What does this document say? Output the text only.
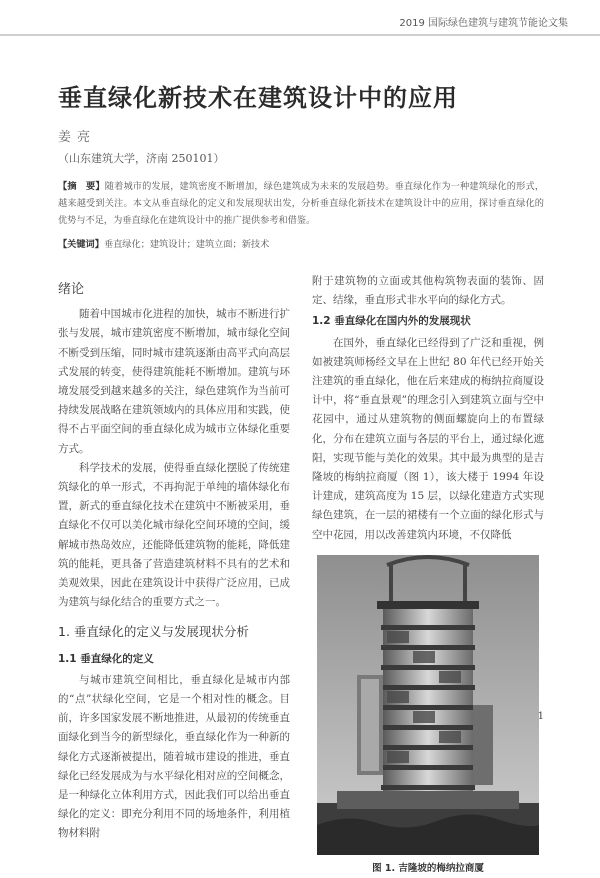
2019 国际绿色建筑与建筑节能论文集
垂直绿化新技术在建筑设计中的应用
姜亮
（山东建筑大学，济南 250101）
【摘　要】随着城市的发展，建筑密度不断增加，绿色建筑成为未来的发展趋势。垂直绿化作为一种建筑绿化的形式，越来越受到关注。本文从垂直绿化的定义和发展现状出发，分析垂直绿化新技术在建筑设计中的应用，探讨垂直绿化的优势与不足，为垂直绿化在建筑设计中的推广提供参考和借鉴。
【关键词】垂直绿化；建筑设计；建筑立面；新技术
绪论

随着中国城市化进程的加快，城市不断进行扩张与发展，城市建筑密度不断增加，城市绿化空间不断受到压缩，同时城市建筑逐渐由高平式向高层式发展的转变，使得建筑能耗不断增加。建筑与环境发展受到越来越多的关注，绿色建筑作为当前可持续发展战略在建筑领域内的具体应用和实践，使得不占平面空间的垂直绿化成为城市立体绿化重要方式。

科学技术的发展，使得垂直绿化摆脱了传统建筑绿化的单一形式，不再拘泥于单纯的墙体绿化布置，新式的垂直绿化技术在建筑中不断被采用，垂直绿化不仅可以美化城市绿化空间环境的空间，缓解城市热岛效应，还能降低建筑物的能耗，降低建筑的能耗，更具备了营造建筑材料不具有的艺术和美观效果，因此在建筑设计中获得广泛应用，已成为建筑与绿化结合的重要方式之一。

1. 垂直绿化的定义与发展现状分析
1.1 垂直绿化的定义

与城市建筑空间相比，垂直绿化是城市内部的“点”状绿化空间，它是一个相对性的概念。目前，许多国家发展不断地推进，从最初的传统垂直面绿化到当今的新型绿化，垂直绿化作为一种新的绿化方式逐渐被提出，随着城市建设的推进，垂直绿化已经发展成为与水平绿化相对应的空间概念，是一种绿化立体利用方式，因此我们可以给出垂直绿化的定义：即充分利用不同的场地条件，利用植物材料附

附于建筑物的立面或其他构筑物表面的装饰、固定、结缘，垂直形式非水平向的绿化方式。

1.2 垂直绿化在国内外的发展现状

在国外，垂直绿化已经得到了广泛和重视，例如被建筑师杨经文早在上世纪 80 年代已经开始关注建筑的垂直绿化，他在后来建成的梅纳拉商厦设计中，将“垂直景观”的理念引入到建筑立面与空中花园中，通过从建筑物的侧面螺旋向上的布置绿化，分布在建筑立面与各层的平台上，通过绿化遮阳，实现节能与美化的效果。其中最为典型的是吉隆坡的梅纳拉商厦（图 1），该大楼于 1994 年设计建成，建筑高度为 15 层，以绿化建造方式实现绿色建筑，在一层的裙楼有一个立面的绿化形式与空中花园，用以改善建筑内环境，不仅降低

图 1. 吉隆坡的梅纳拉商厦
1
